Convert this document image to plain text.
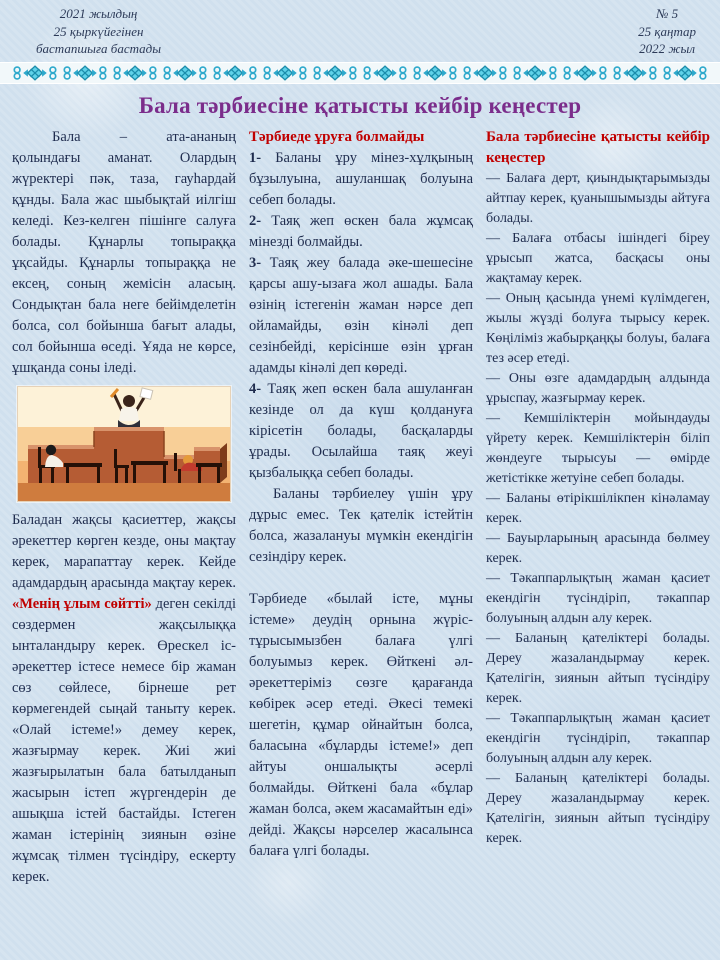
2021 жылдың
25 қыркүйегінен
бастапшыға бастады
№ 5
25 қаңтар
2022 жыл
Бала тәрбиесіне қатысты кейбір кеңестер

Бала – ата-ананың қолындағы аманат. Олардың жүректері пәк, таза, гауһардай құнды. Бала жас шыбықтай иілгіш келеді. Кез-келген пішінге салуға болады. Құнарлы топыраққа ұқсайды. Құнарлы топыраққа не ексең, соның жемісін аласың. Сондықтан бала неге бейімделетін болса, сол бойынша бағыт алады, сол бойынша өседі. Ұяда не көрсе, ұшқанда соны іледі.

Баладан жақсы қасиеттер, жақсы әрекеттер көрген кезде, оны мақтау керек, марапаттау керек. Кейде адамдардың арасында мақтау керек. «Менің ұлым сөйтті» деген секілді сөздермен жақсылыққа ынталандыру керек. Өрескел іс-әрекеттер істесе немесе бір жаман сөз сөйлесе, бірнеше рет көрмегендей сыңай таныту керек. «Олай істеме!» демеу керек, жазғырмау керек. Жиі жиі жазғырылатын бала батылданып жасырын істеп жүргендерін де ашықша істей бастайды. Істеген жаман істерінің зиянын өзіне жұмсақ тілмен түсіндіру, ескерту керек.

Тәрбиеде ұруға болмайды

1- Баланы ұру мінез-хұлқының бұзылуына, ашуланшақ болуына себеп болады.

2- Таяқ жеп өскен бала жұмсақ мінезді болмайды.

3- Таяқ жеу балада әке-шешесіне қарсы ашу-ызаға жол ашады. Бала өзінің істегенін жаман нәрсе деп ойламайды, өзін кінәлі деп сезінбейді, керісінше өзін ұрған адамды кінәлі деп көреді.

4- Таяқ жеп өскен бала ашуланған кезінде ол да күш қолдануға кірісетін болады, басқаларды ұрады. Осылайша таяқ жеуі қызбалыққа себеп болады.

Баланы тәрбиелеу үшін ұру дұрыс емес. Тек қателік істейтін болса, жазалануы мүмкін екендігін сезіндіру керек.

Тәрбиеде «былай істе, мұны істеме» деудің орнына жүріс-тұрысымызбен балаға үлгі болуымыз керек. Өйткені әл-әрекеттеріміз сөзге қарағанда көбірек әсер етеді. Әкесі темекі шегетін, құмар ойнайтын болса, баласына «бұларды істеме!» деп айтуы оншалықты әсерлі болмайды. Өйткені бала «бұлар жаман болса, әкем жасамайтын еді» дейді. Жақсы нәрселер жасалынса балаға үлгі болады.

Бала тәрбиесіне қатысты кейбір кеңестер

— Балаға дерт, қиындықтарымызды айтпау керек, қуанышымызды айтуға болады.

— Балаға отбасы ішіндегі біреу ұрысып жатса, басқасы оны жақтамау керек.

— Оның қасында үнемі күлімдеген, жылы жүзді болуға тырысу керек. Көңіліміз жабырқаңқы болуы, балаға тез әсер етеді.

— Оны өзге адамдардың алдында ұрыспау, жазғырмау керек.

— Кемшіліктерін мойындауды үйрету керек. Кемшіліктерін біліп жөндеуге тырысуы — өмірде жетістікке жетуіне себеп болады.

— Баланы өтірікшілікпен кінәламау керек.

— Бауырларының арасында бөлмеу керек.

— Тәкаппарлықтың жаман қасиет екендігін түсіндіріп, тәкаппар болуының алдын алу керек.

— Баланың қателіктері болады. Дереу жазаландырмау керек. Қателігін, зиянын айтып түсіндіру керек.

— Тәкаппарлықтың жаман қасиет екендігін түсіндіріп, тәкаппар болуының алдын алу керек.

— Баланың қателіктері болады. Дереу жазаландырмау керек. Қателігін, зиянын айтып түсіндіру керек.
